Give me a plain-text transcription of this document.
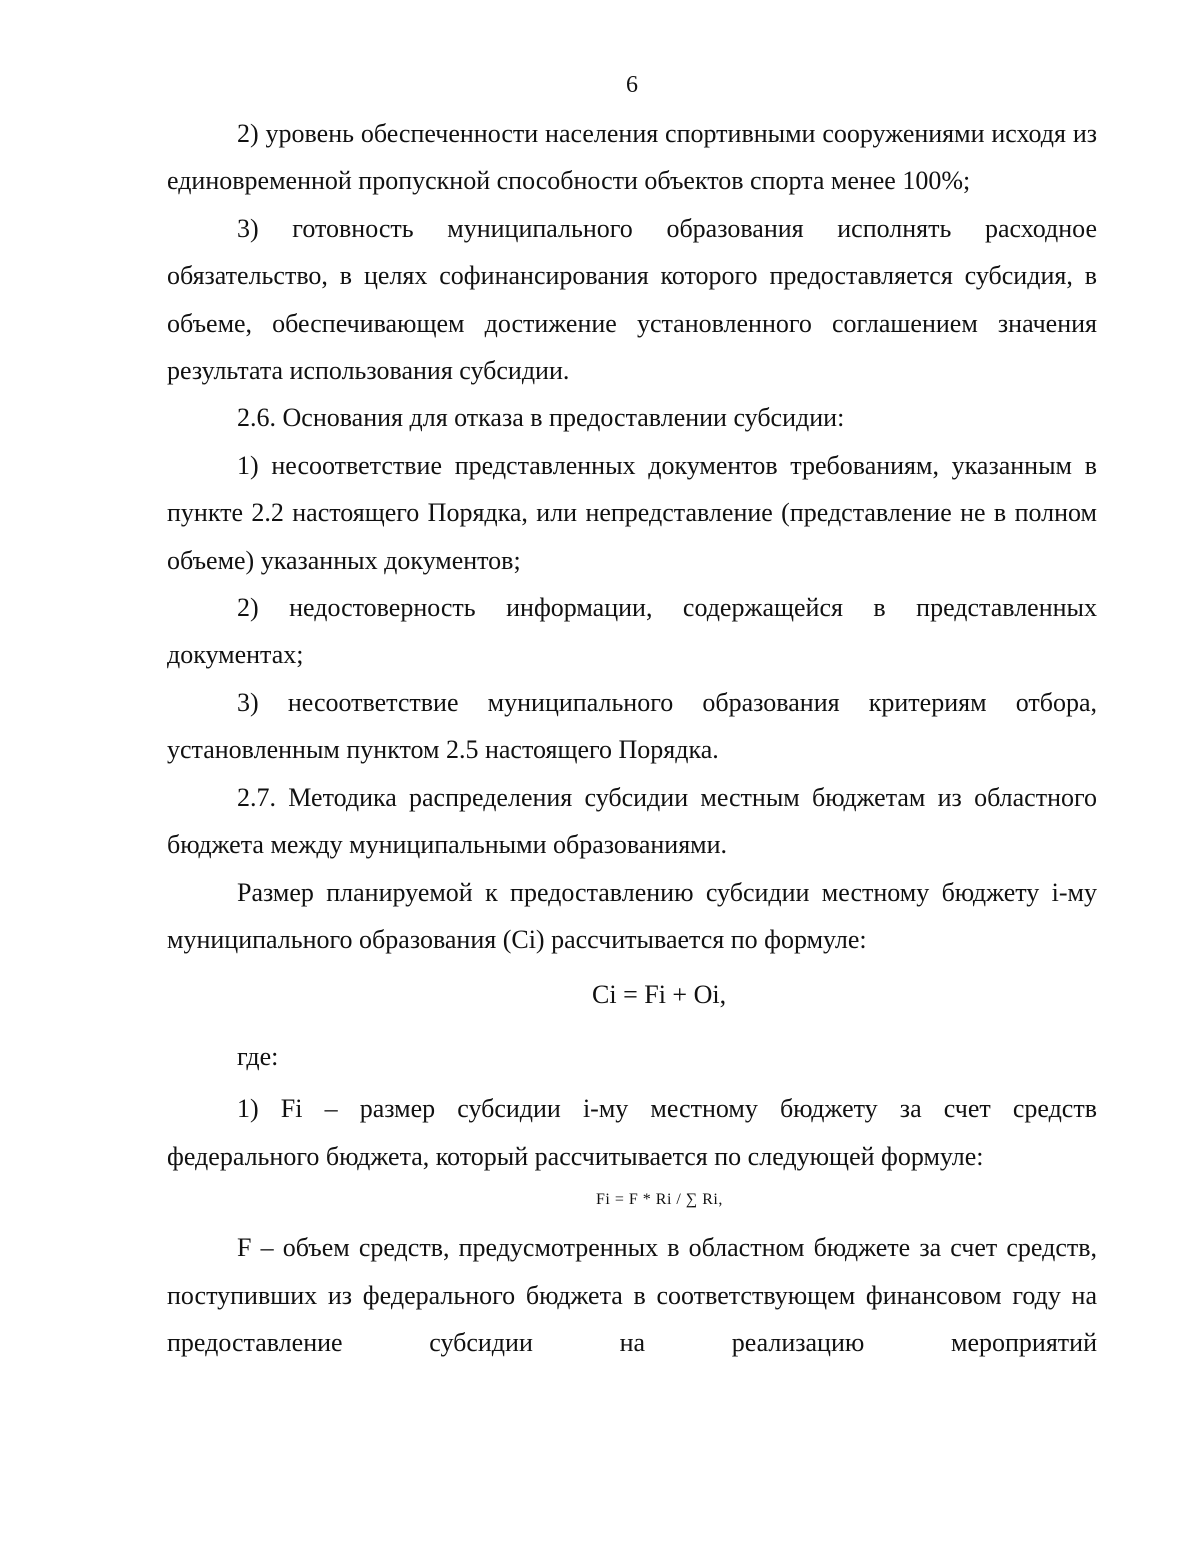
6

2) уровень обеспеченности населения спортивными сооружениями исходя из единовременной пропускной способности объектов спорта менее 100%;

3) готовность муниципального образования исполнять расходное обязательство, в целях софинансирования которого предоставляется субсидия, в объеме, обеспечивающем достижение установленного соглашением значения результата использования субсидии.

2.6. Основания для отказа в предоставлении субсидии:

1) несоответствие представленных документов требованиям, указанным в пункте 2.2 настоящего Порядка, или непредставление (представление не в полном объеме) указанных документов;

2) недостоверность информации, содержащейся в представленных документах;

3) несоответствие муниципального образования критериям отбора, установленным пунктом 2.5 настоящего Порядка.

2.7. Методика распределения субсидии местным бюджетам из областного бюджета между муниципальными образованиями.

Размер планируемой к предоставлению субсидии местному бюджету i-му муниципального образования (Ci) рассчитывается по формуле:

Ci = Fi + Oi,

где:

1) Fi – размер субсидии i-му местному бюджету за счет средств федерального бюджета, который рассчитывается по следующей формуле:

Fi = F * Ri / ∑ Ri,

F – объем средств, предусмотренных в областном бюджете за счет средств, поступивших из федерального бюджета в соответствующем финансовом году на предоставление субсидии на реализацию мероприятий
